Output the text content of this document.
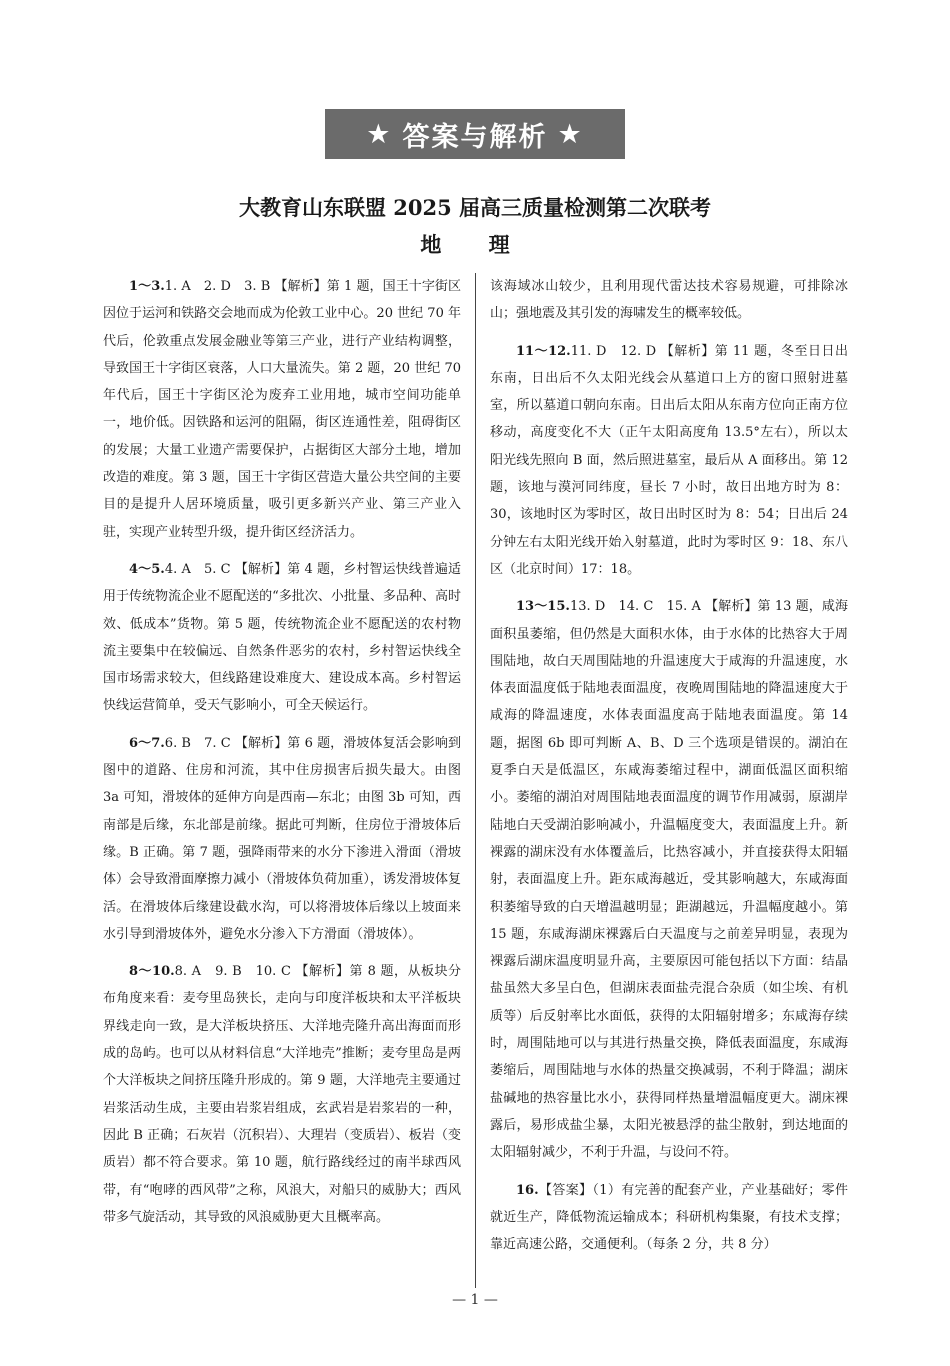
★ 答案与解析 ★
大教育山东联盟 2025 届高三质量检测第二次联考
地 理

1～3.1. A　2. D　3. B 【解析】第 1 题，国王十字街区因位于运河和铁路交会地而成为伦敦工业中心。20 世纪 70 年代后，伦敦重点发展金融业等第三产业，进行产业结构调整，导致国王十字街区衰落，人口大量流失。第 2 题，20 世纪 70 年代后，国王十字街区沦为废弃工业用地，城市空间功能单一，地价低。因铁路和运河的阻隔，街区连通性差，阻碍街区的发展；大量工业遗产需要保护，占据街区大部分土地，增加改造的难度。第 3 题，国王十字街区营造大量公共空间的主要目的是提升人居环境质量，吸引更多新兴产业、第三产业入驻，实现产业转型升级，提升街区经济活力。

4～5.4. A　5. C 【解析】第 4 题，乡村智运快线普遍适用于传统物流企业不愿配送的“多批次、小批量、多品种、高时效、低成本”货物。第 5 题，传统物流企业不愿配送的农村物流主要集中在较偏远、自然条件恶劣的农村，乡村智运快线全国市场需求较大，但线路建设难度大、建设成本高。乡村智运快线运营简单，受天气影响小，可全天候运行。

6～7.6. B　7. C 【解析】第 6 题，滑坡体复活会影响到图中的道路、住房和河流，其中住房损害后损失最大。由图 3a 可知，滑坡体的延伸方向是西南—东北；由图 3b 可知，西南部是后缘，东北部是前缘。据此可判断，住房位于滑坡体后缘。B 正确。第 7 题，强降雨带来的水分下渗进入滑面（滑坡体）会导致滑面摩擦力减小（滑坡体负荷加重），诱发滑坡体复活。在滑坡体后缘建设截水沟，可以将滑坡体后缘以上坡面来水引导到滑坡体外，避免水分渗入下方滑面（滑坡体）。

8～10.8. A　9. B　10. C 【解析】第 8 题，从板块分布角度来看：麦夸里岛狭长，走向与印度洋板块和太平洋板块界线走向一致，是大洋板块挤压、大洋地壳隆升高出海面而形成的岛屿。也可以从材料信息“大洋地壳”推断；麦夸里岛是两个大洋板块之间挤压隆升形成的。第 9 题，大洋地壳主要通过岩浆活动生成，主要由岩浆岩组成，玄武岩是岩浆岩的一种，因此 B 正确；石灰岩（沉积岩）、大理岩（变质岩）、板岩（变质岩）都不符合要求。第 10 题，航行路线经过的南半球西风带，有“咆哮的西风带”之称，风浪大，对船只的威胁大；西风带多气旋活动，其导致的风浪威胁更大且概率高。

该海域冰山较少，且利用现代雷达技术容易规避，可排除冰山；强地震及其引发的海啸发生的概率较低。

11～12.11. D　12. D 【解析】第 11 题，冬至日日出东南，日出后不久太阳光线会从墓道口上方的窗口照射进墓室，所以墓道口朝向东南。日出后太阳从东南方位向正南方位移动，高度变化不大（正午太阳高度角 13.5°左右），所以太阳光线先照向 B 面，然后照进墓室，最后从 A 面移出。第 12 题，该地与漠河同纬度，昼长 7 小时，故日出地方时为 8：30，该地时区为零时区，故日出时区时为 8：54；日出后 24 分钟左右太阳光线开始入射墓道，此时为零时区 9：18、东八区（北京时间）17：18。

13～15.13. D　14. C　15. A 【解析】第 13 题，咸海面积虽萎缩，但仍然是大面积水体，由于水体的比热容大于周围陆地，故白天周围陆地的升温速度大于咸海的升温速度，水体表面温度低于陆地表面温度，夜晚周围陆地的降温速度大于咸海的降温速度，水体表面温度高于陆地表面温度。第 14 题，据图 6b 即可判断 A、B、D 三个选项是错误的。湖泊在夏季白天是低温区，东咸海萎缩过程中，湖面低温区面积缩小。萎缩的湖泊对周围陆地表面温度的调节作用减弱，原湖岸陆地白天受湖泊影响减小，升温幅度变大，表面温度上升。新裸露的湖床没有水体覆盖后，比热容减小，并直接获得太阳辐射，表面温度上升。距东咸海越近，受其影响越大，东咸海面积萎缩导致的白天增温越明显；距湖越远，升温幅度越小。第 15 题，东咸海湖床裸露后白天温度与之前差异明显，表现为裸露后湖床温度明显升高，主要原因可能包括以下方面：结晶盐虽然大多呈白色，但湖床表面盐壳混合杂质（如尘埃、有机质等）后反射率比水面低，获得的太阳辐射增多；东咸海存续时，周围陆地可以与其进行热量交换，降低表面温度，东咸海萎缩后，周围陆地与水体的热量交换减弱，不利于降温；湖床盐碱地的热容量比水小，获得同样热量增温幅度更大。湖床裸露后，易形成盐尘暴，太阳光被悬浮的盐尘散射，到达地面的太阳辐射减少，不利于升温，与设问不符。

16.【答案】（1）有完善的配套产业，产业基础好；零件就近生产，降低物流运输成本；科研机构集聚，有技术支撑；靠近高速公路，交通便利。（每条 2 分，共 8 分）

— 1 —
